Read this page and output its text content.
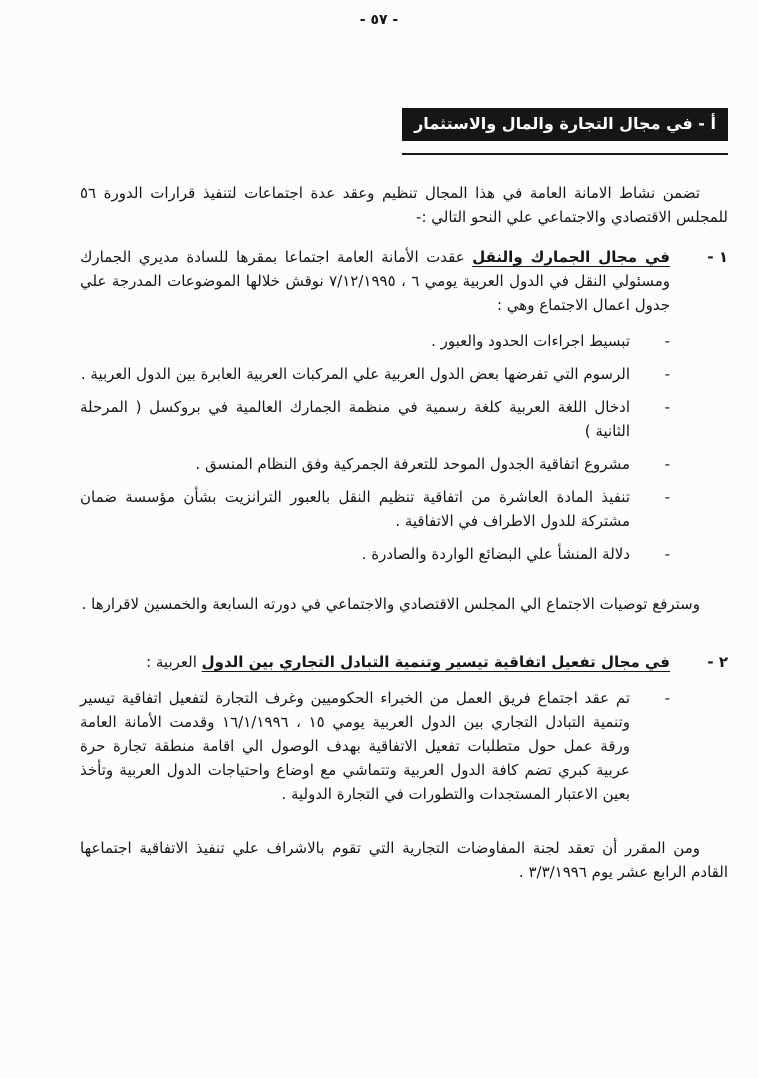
- ٥٧ -
أ - في مجال التجارة والمال والاستثمار

تضمن نشاط الامانة العامة في هذا المجال تنظيم وعقد عدة اجتماعات لتنفيذ قرارات الدورة ٥٦ للمجلس الاقتصادي والاجتماعي علي النحو التالي :-

١ -
في مجال الجمارك والنقل عقدت الأمانة العامة اجتماعا بمقرها للسادة مديري الجمارك ومسئولي النقل في الدول العربية يومي ٦ ، ٧/١٢/١٩٩٥ نوقش خلالها الموضوعات المدرجة علي جدول اعمال الاجتماع وهي :
-
تبسيط اجراءات الحدود والعبور .
-
الرسوم التي تفرضها بعض الدول العربية علي المركبات العربية العابرة بين الدول العربية .
-
ادخال اللغة العربية كلغة رسمية في منظمة الجمارك العالمية في بروكسل ( المرحلة الثانية )
-
مشروع اتفاقية الجدول الموحد للتعرفة الجمركية وفق النظام المنسق .
-
تنفيذ المادة العاشرة من اتفاقية تنظيم النقل بالعبور الترانزيت بشأن مؤسسة ضمان مشتركة للدول الاطراف في الاتفاقية .
-
دلالة المنشأ علي البضائع الواردة والصادرة .

وسترفع توصيات الاجتماع الي المجلس الاقتصادي والاجتماعي في دورته السابعة والخمسين لاقرارها .

٢ -
في مجال تفعيل اتفاقية تيسير وتنمية التبادل التجاري بين الدول العربية :
-
تم عقد اجتماع فريق العمل من الخبراء الحكوميين وغرف التجارة لتفعيل اتفاقية تيسير وتنمية التبادل التجاري بين الدول العربية يومي ١٥ ، ١٦/١/١٩٩٦ وقدمت الأمانة العامة ورقة عمل حول متطلبات تفعيل الاتفاقية بهدف الوصول الي اقامة منطقة تجارة حرة عربية كبري تضم كافة الدول العربية وتتماشي مع اوضاع واحتياجات الدول العربية وتأخذ بعين الاعتبار المستجدات والتطورات في التجارة الدولية .

ومن المقرر أن تعقد لجنة المفاوضات التجارية التي تقوم بالاشراف علي تنفيذ الاتفاقية اجتماعها القادم الرابع عشر يوم ٣/٣/١٩٩٦ .
